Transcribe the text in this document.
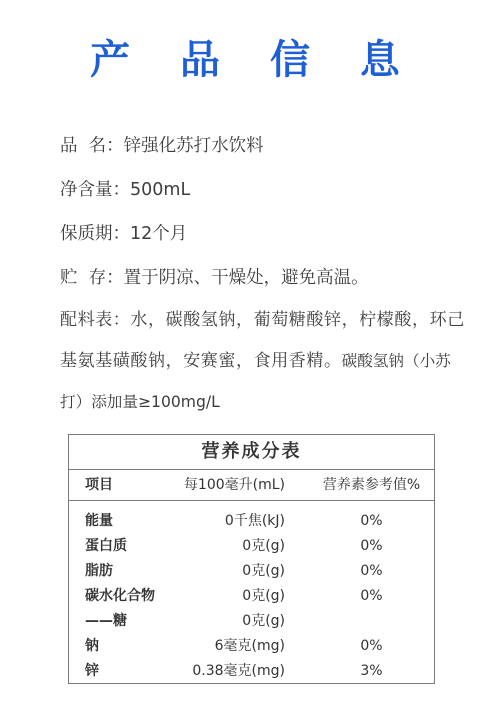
产 品 信 息
品  名：锌强化苏打水饮料
净含量：500mL
保质期：12个月
贮  存：置于阴凉、干燥处，避免高温。
配料表：水，碳酸氢钠，葡萄糖酸锌，柠檬酸，环己基氨基磺酸钠，安赛蜜，食用香精。碳酸氢钠（小苏打）添加量≥100mg/L
营养成分表
项目	每100毫升(mL)	营养素参考值%
能量	0千焦(kJ)	0%
蛋白质	0克(g)	0%
脂肪	0克(g)	0%
碳水化合物	0克(g)	0%
——糖	0克(g)	
钠	6毫克(mg)	0%
锌	0.38毫克(mg)	3%
